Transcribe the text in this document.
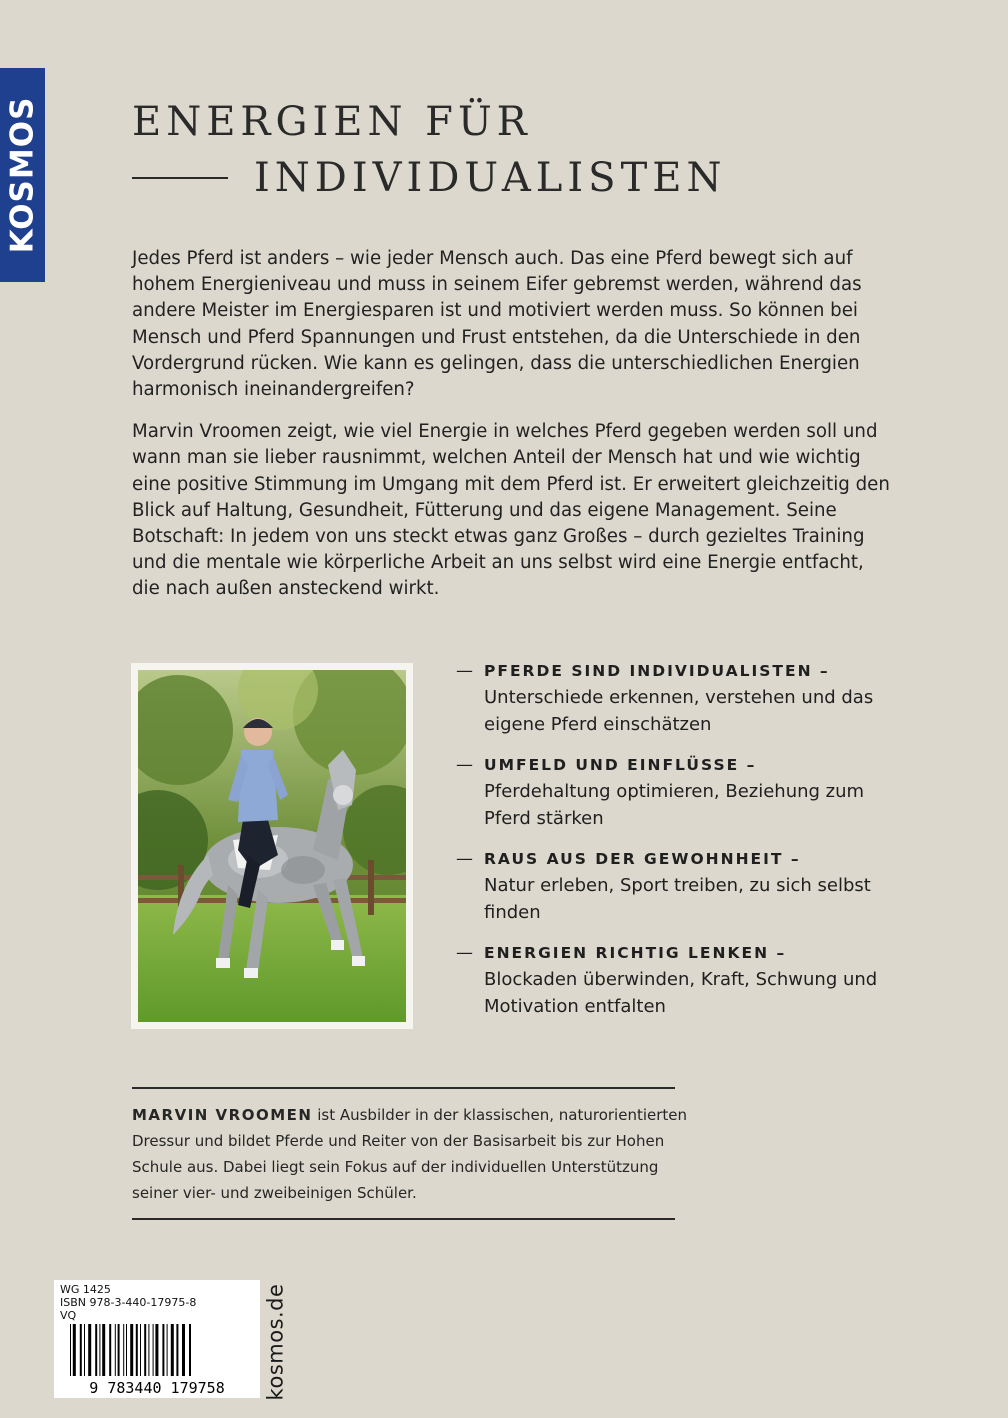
KOSMOS ENERGIEN FÜR
INDIVIDUALISTEN

Jedes Pferd ist anders – wie jeder Mensch auch. Das eine Pferd bewegt sich auf hohem Energieniveau und muss in seinem Eifer gebremst werden, während das andere Meister im Energiesparen ist und motiviert werden muss. So können bei Mensch und Pferd Spannungen und Frust entstehen, da die Unterschiede in den Vordergrund rücken. Wie kann es gelingen, dass die unterschiedlichen Energien harmonisch ineinandergreifen?

Marvin Vroomen zeigt, wie viel Energie in welches Pferd gegeben werden soll und wann man sie lieber rausnimmt, welchen Anteil der Mensch hat und wie wichtig eine positive Stimmung im Umgang mit dem Pferd ist. Er erweitert gleichzeitig den Blick auf Haltung, Gesundheit, Fütterung und das eigene Management. Seine Botschaft: In jedem von uns steckt etwas ganz Großes – durch gezieltes Training und die mentale wie körperliche Arbeit an uns selbst wird eine Energie entfacht, die nach außen ansteckend wirkt.

— PFERDE SIND INDIVIDUALISTEN –
Unterschiede erkennen, verstehen und das eigene Pferd einschätzen
— UMFELD UND EINFLÜSSE –
Pferdehaltung optimieren, Beziehung zum Pferd stärken
— RAUS AUS DER GEWOHNHEIT –
Natur erleben, Sport treiben, zu sich selbst finden
— ENERGIEN RICHTIG LENKEN –
Blockaden überwinden, Kraft, Schwung und Motivation entfalten
MARVIN VROOMEN ist Ausbilder in der klassischen, naturorientierten Dressur und bildet Pferde und Reiter von der Basisarbeit bis zur Hohen Schule aus. Dabei liegt sein Fokus auf der individuellen Unterstützung seiner vier- und zweibeinigen Schüler.
WG 1425
ISBN 978-3-440-17975-8
VQ
9 783440 179758 kosmos.de
